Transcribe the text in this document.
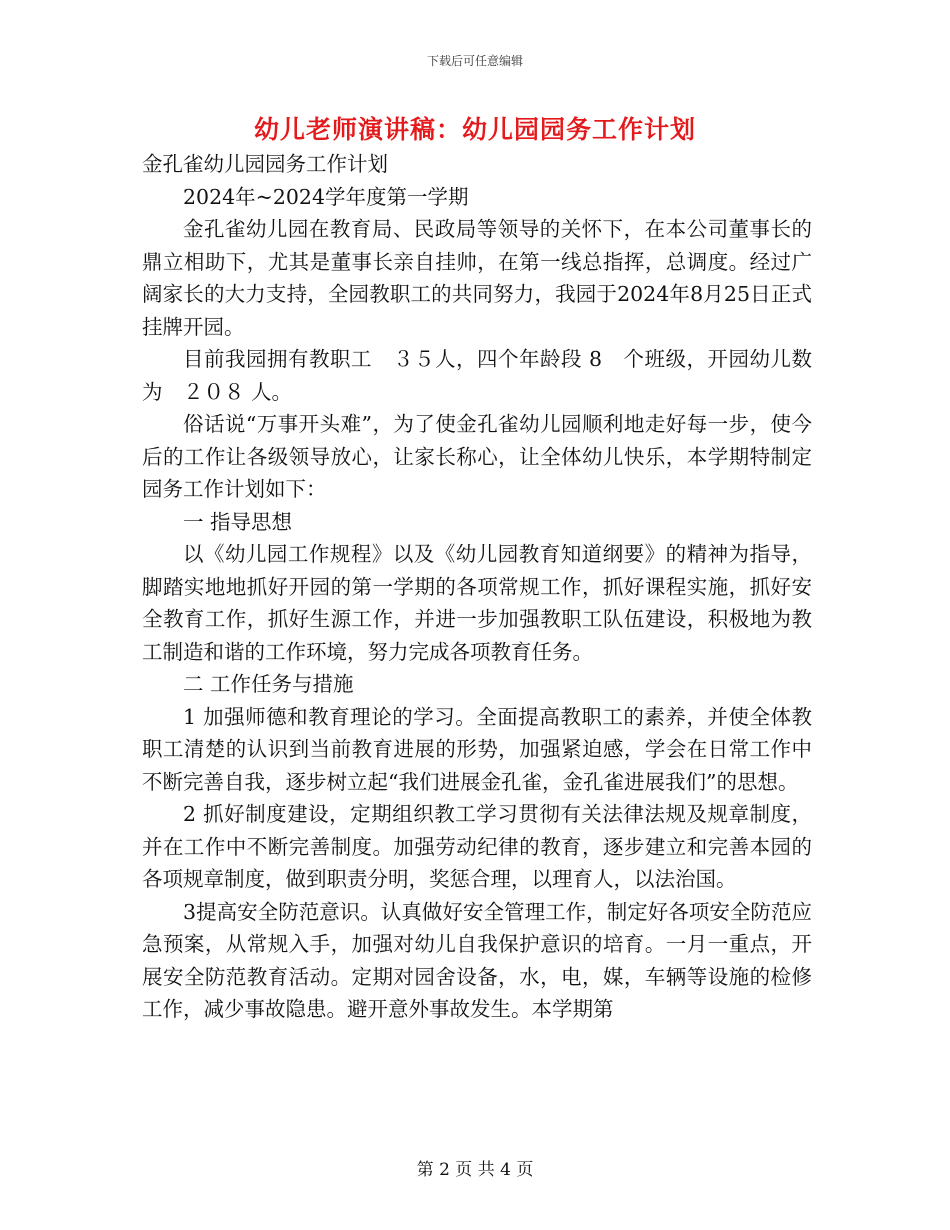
下载后可任意编辑
幼儿老师演讲稿：幼儿园园务工作计划

金孔雀幼儿园园务工作计划

2024年~2024学年度第一学期

金孔雀幼儿园在教育局、民政局等领导的关怀下，在本公司董事长的鼎立相助下，尤其是董事长亲自挂帅，在第一线总指挥，总调度。经过广阔家长的大力支持，全园教职工的共同努力，我园于2024年8月25日正式挂牌开园。

目前我园拥有教职工　３５人，四个年龄段 8　个班级，开园幼儿数为　２０８ 人。

俗话说“万事开头难”，为了使金孔雀幼儿园顺利地走好每一步，使今后的工作让各级领导放心，让家长称心，让全体幼儿快乐，本学期特制定园务工作计划如下：

一 指导思想

以《幼儿园工作规程》以及《幼儿园教育知道纲要》的精神为指导，脚踏实地地抓好开园的第一学期的各项常规工作，抓好课程实施，抓好安全教育工作，抓好生源工作，并进一步加强教职工队伍建设，积极地为教工制造和谐的工作环境，努力完成各项教育任务。

二 工作任务与措施

1 加强师德和教育理论的学习。全面提高教职工的素养，并使全体教职工清楚的认识到当前教育进展的形势，加强紧迫感，学会在日常工作中不断完善自我，逐步树立起“我们进展金孔雀，金孔雀进展我们”的思想。

2 抓好制度建设，定期组织教工学习贯彻有关法律法规及规章制度，并在工作中不断完善制度。加强劳动纪律的教育，逐步建立和完善本园的各项规章制度，做到职责分明，奖惩合理，以理育人，以法治国。

3提高安全防范意识。认真做好安全管理工作，制定好各项安全防范应急预案，从常规入手，加强对幼儿自我保护意识的培育。一月一重点，开展安全防范教育活动。定期对园舍设备，水，电，媒，车辆等设施的检修工作，减少事故隐患。避开意外事故发生。本学期第

第 2 页 共 4 页
